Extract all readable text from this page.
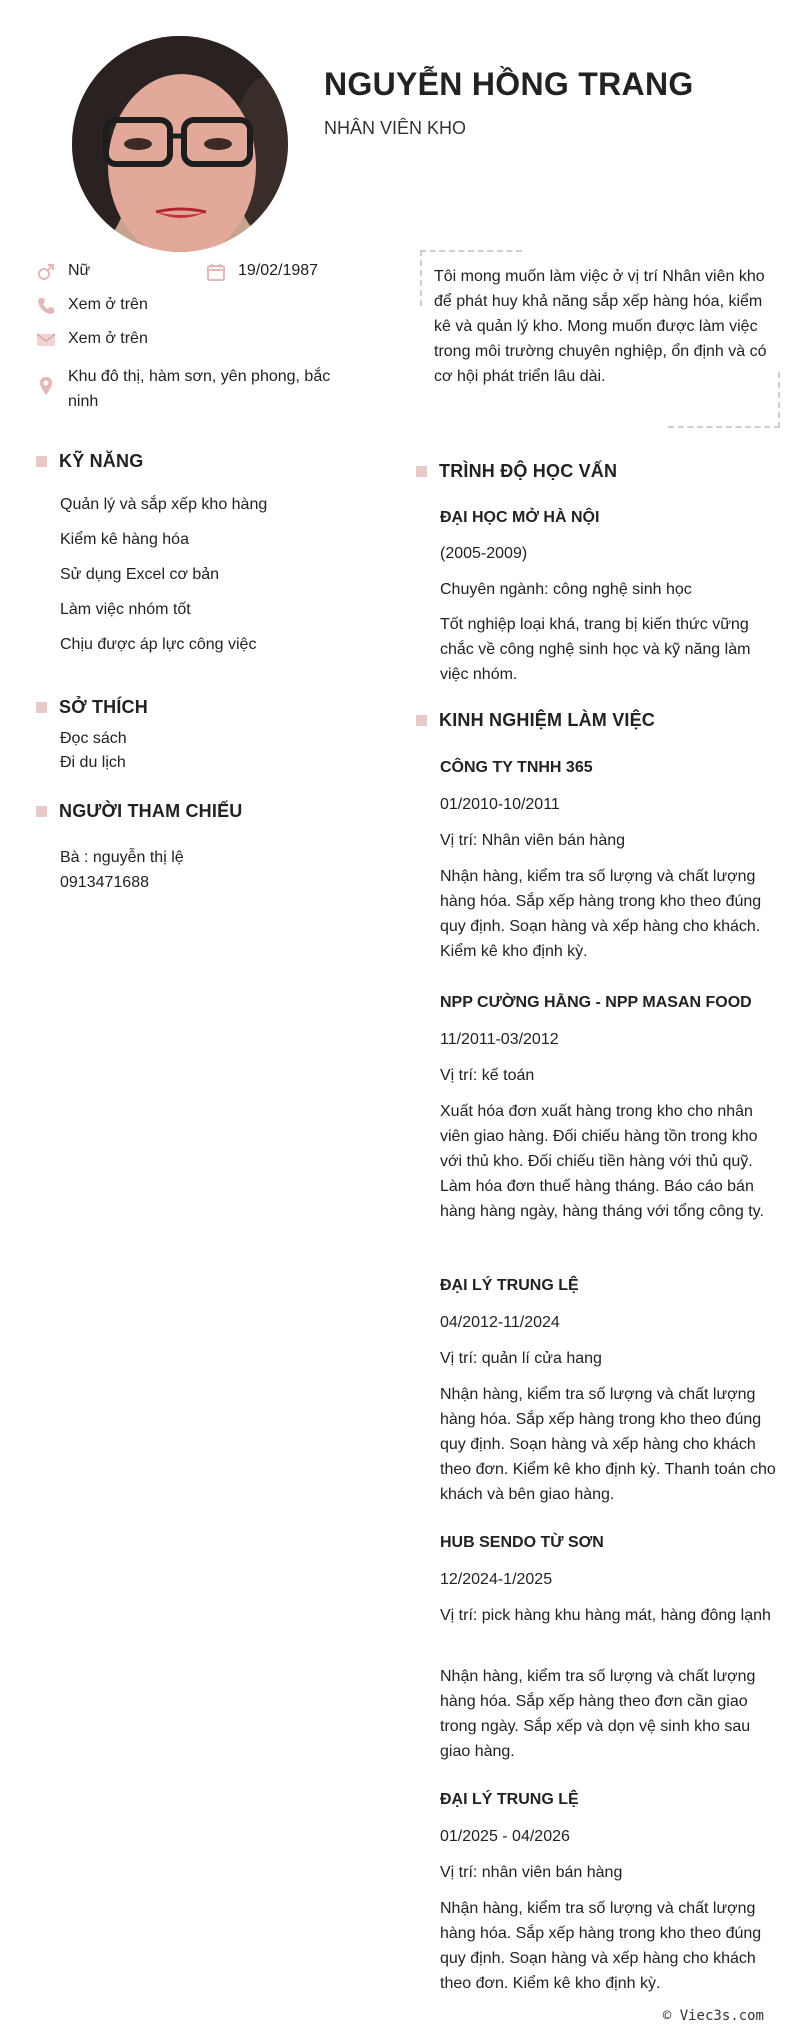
NGUYỄN HỒNG TRANG
NHÂN VIÊN KHO
Nữ	19/02/1987
Xem ở trên
Xem ở trên
Khu đô thị, hàm sơn, yên phong, bắc ninh

Tôi mong muốn làm việc ở vị trí Nhân viên kho để phát huy khả năng sắp xếp hàng hóa, kiểm kê và quản lý kho. Mong muốn được làm việc trong môi trường chuyên nghiệp, ổn định và có cơ hội phát triển lâu dài.

KỸ NĂNG
Quản lý và sắp xếp kho hàng
Kiểm kê hàng hóa
Sử dụng Excel cơ bản
Làm việc nhóm tốt
Chịu được áp lực công việc
SỞ THÍCH
Đọc sách
Đi du lịch
NGƯỜI THAM CHIẾU
Bà : nguyễn thị lệ
0913471688
TRÌNH ĐỘ HỌC VẤN
ĐẠI HỌC MỞ HÀ NỘI
(2005-2009)
Chuyên ngành: công nghệ sinh học
Tốt nghiệp loại khá, trang bị kiến thức vững chắc về công nghệ sinh học và kỹ năng làm việc nhóm.
KINH NGHIỆM LÀM VIỆC
CÔNG TY TNHH 365
01/2010-10/2011
Vị trí: Nhân viên bán hàng
Nhận hàng, kiểm tra số lượng và chất lượng hàng hóa. Sắp xếp hàng trong kho theo đúng quy định. Soạn hàng và xếp hàng cho khách. Kiểm kê kho định kỳ.
NPP CƯỜNG HẰNG - NPP MASAN FOOD
11/2011-03/2012
Vị trí: kế toán
Xuất hóa đơn xuất hàng trong kho cho nhân viên giao hàng. Đối chiếu hàng tồn trong kho với thủ kho. Đối chiếu tiền hàng với thủ quỹ. Làm hóa đơn thuế hàng tháng. Báo cáo bán hàng hàng ngày, hàng tháng với tổng công ty.
ĐẠI LÝ TRUNG LỆ
04/2012-11/2024
Vị trí: quản lí cửa hang
Nhận hàng, kiểm tra số lượng và chất lượng hàng hóa. Sắp xếp hàng trong kho theo đúng quy định. Soạn hàng và xếp hàng cho khách theo đơn. Kiểm kê kho định kỳ. Thanh toán cho khách và bên giao hàng.
HUB SENDO TỪ SƠN
12/2024-1/2025
Vị trí: pick hàng khu hàng mát, hàng đông lạnh
Nhận hàng, kiểm tra số lượng và chất lượng hàng hóa. Sắp xếp hàng theo đơn cần giao trong ngày. Sắp xếp và dọn vệ sinh kho sau giao hàng.
ĐẠI LÝ TRUNG LỆ
01/2025 - 04/2026
Vị trí: nhân viên bán hàng
Nhận hàng, kiểm tra số lượng và chất lượng hàng hóa. Sắp xếp hàng trong kho theo đúng quy định. Soạn hàng và xếp hàng cho khách theo đơn. Kiểm kê kho định kỳ.
© Viec3s.com
